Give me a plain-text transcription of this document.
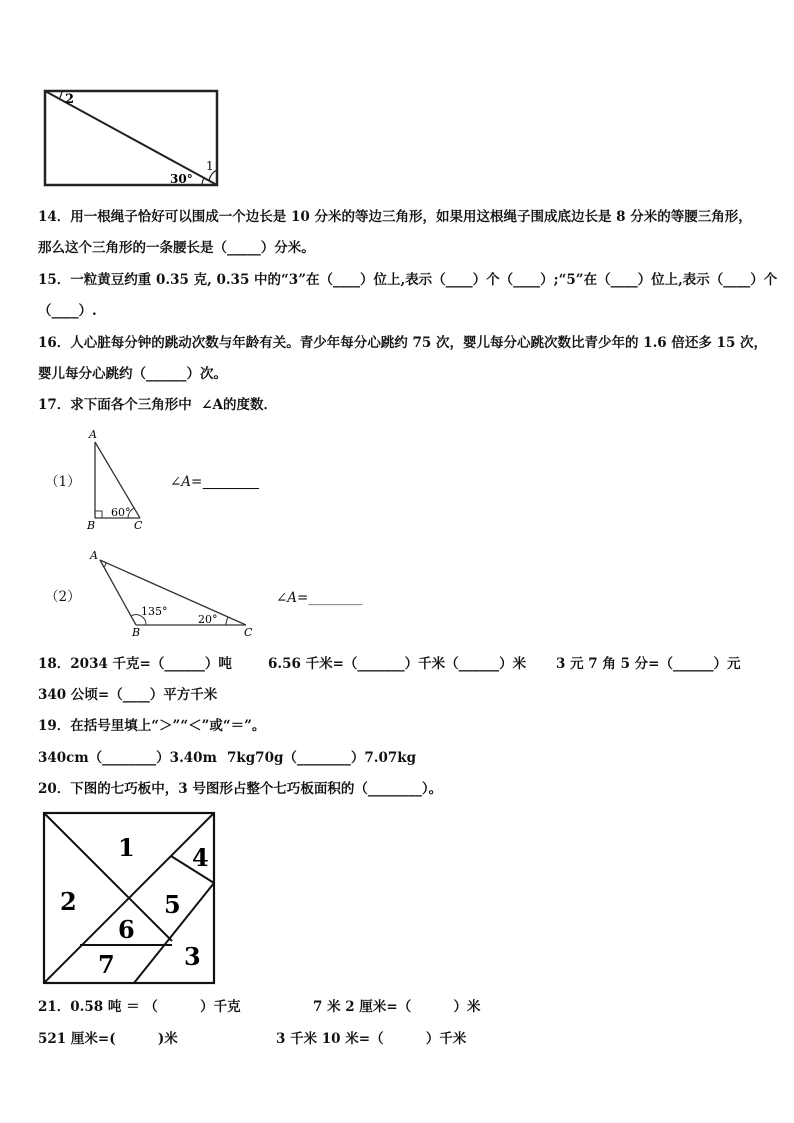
2
1
30°
14．用一根绳子恰好可以围成一个边长是 10 分米的等边三角形，如果用这根绳子围成底边长是 8 分米的等腰三角形，
那么这个三角形的一条腰长是（_____）分米。
15．一粒黄豆约重 0.35 克, 0.35 中的“3”在（____）位上,表示（____）个（____）;“5”在（____）位上,表示（____）个
（____）.
16．人心脏每分钟的跳动次数与年龄有关。青少年每分心跳约 75 次，婴儿每分心跳次数比青少年的 1.6 倍还多 15 次，
婴儿每分心跳约（______）次。
17．求下面各个三角形中  ∠A的度数．
（1）
A
B	C
60°
∠A=________
（2）
A
B	C
135°
20°
∠A=________
18．2034 千克=（______）吨	6.56 千米=（_______）千米（______）米 3 元 7 角 5 分=（______）元
340 公顷=（____）平方千米
19．在括号里填上“＞”“＜”或“＝”。
340cm（________）3.40m 7kg70g（________）7.07kg
20．下图的七巧板中，3 号图形占整个七巧板面积的（________）。
1
2
3
4
5
6
7
21．0.58 吨 ＝ （         ）千克	7 米 2 厘米=（         ）米
521 厘米=(         )米	3 千米 10 米=（         ）千米
